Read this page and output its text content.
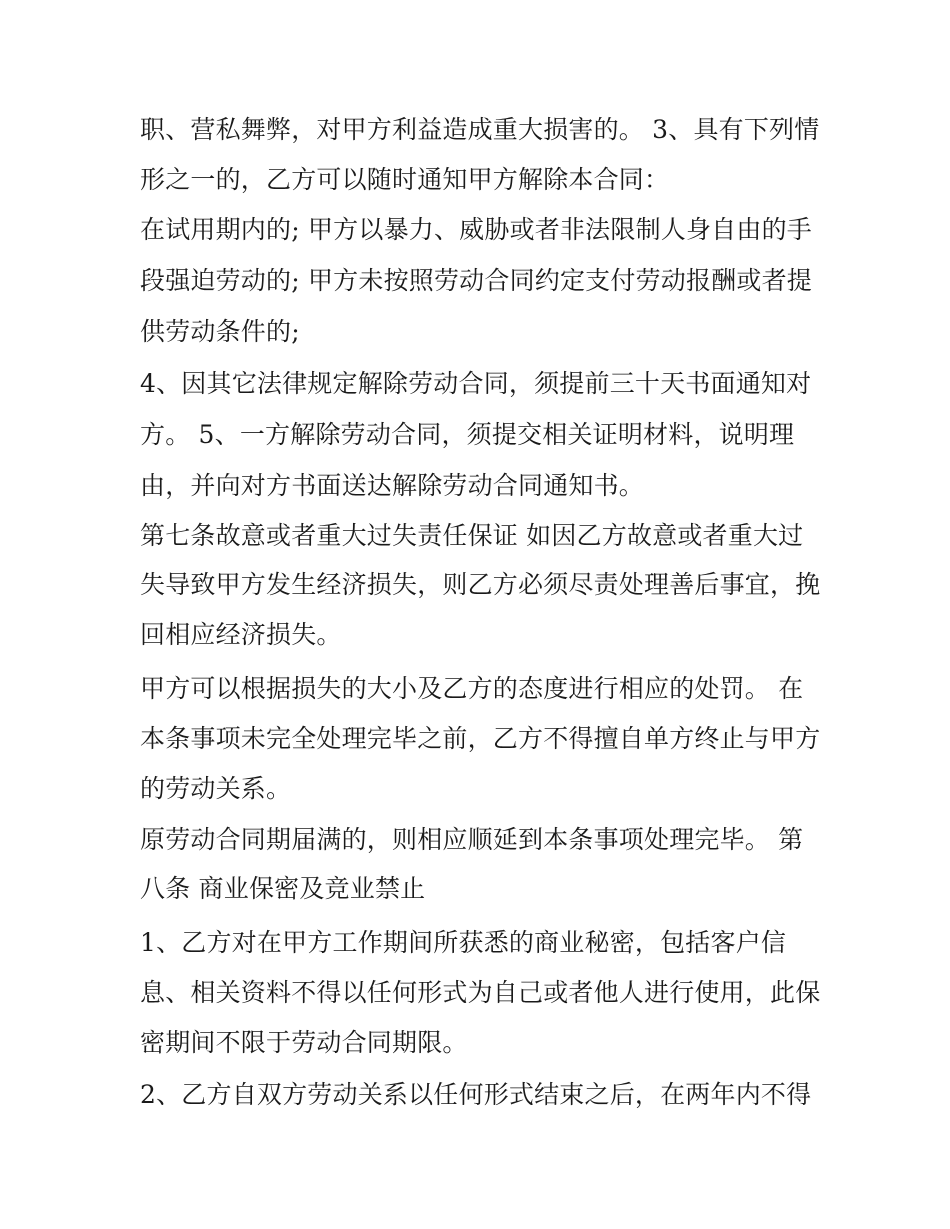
职、营私舞弊，对甲方利益造成重大损害的。 3、具有下列情
形之一的，乙方可以随时通知甲方解除本合同：
在试用期内的; 甲方以暴力、威胁或者非法限制人身自由的手
段强迫劳动的; 甲方未按照劳动合同约定支付劳动报酬或者提
供劳动条件的;
4、因其它法律规定解除劳动合同，须提前三十天书面通知对
方。 5、一方解除劳动合同，须提交相关证明材料，说明理
由，并向对方书面送达解除劳动合同通知书。
第七条故意或者重大过失责任保证 如因乙方故意或者重大过
失导致甲方发生经济损失，则乙方必须尽责处理善后事宜，挽
回相应经济损失。
甲方可以根据损失的大小及乙方的态度进行相应的处罚。 在
本条事项未完全处理完毕之前，乙方不得擅自单方终止与甲方
的劳动关系。
原劳动合同期届满的，则相应顺延到本条事项处理完毕。 第
八条 商业保密及竞业禁止
1、乙方对在甲方工作期间所获悉的商业秘密，包括客户信
息、相关资料不得以任何形式为自己或者他人进行使用，此保
密期间不限于劳动合同期限。
2、乙方自双方劳动关系以任何形式结束之后，在两年内不得
